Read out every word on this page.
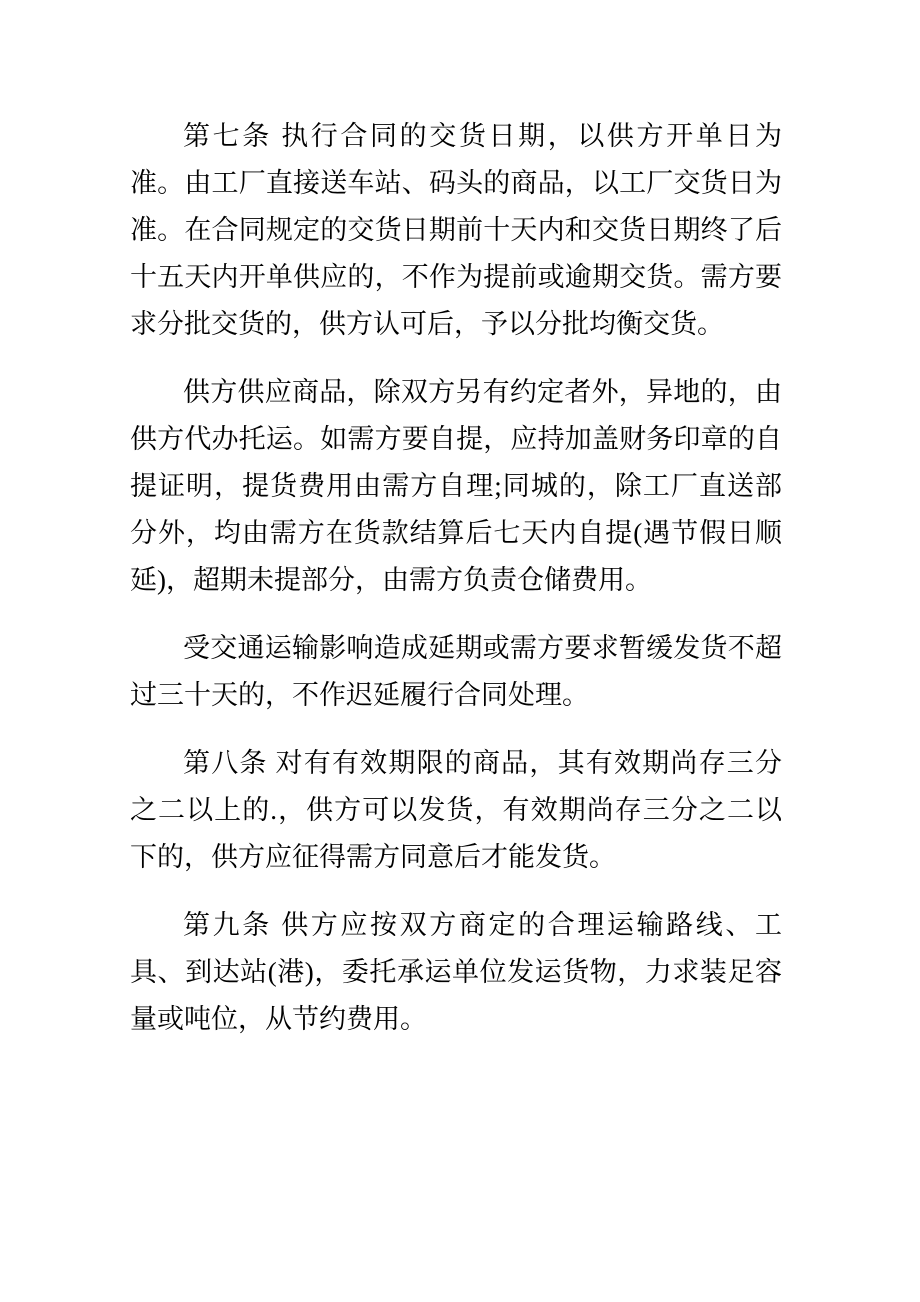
第七条 执行合同的交货日期，以供方开单日为准。由工厂直接送车站、码头的商品，以工厂交货日为准。在合同规定的交货日期前十天内和交货日期终了后十五天内开单供应的，不作为提前或逾期交货。需方要求分批交货的，供方认可后，予以分批均衡交货。

供方供应商品，除双方另有约定者外，异地的，由供方代办托运。如需方要自提，应持加盖财务印章的自提证明，提货费用由需方自理;同城的，除工厂直送部分外，均由需方在货款结算后七天内自提(遇节假日顺延)，超期未提部分，由需方负责仓储费用。

受交通运输影响造成延期或需方要求暂缓发货不超过三十天的，不作迟延履行合同处理。

第八条 对有有效期限的商品，其有效期尚存三分之二以上的.，供方可以发货，有效期尚存三分之二以下的，供方应征得需方同意后才能发货。

第九条 供方应按双方商定的合理运输路线、工具、到达站(港)，委托承运单位发运货物，力求装足容量或吨位，从节约费用。
